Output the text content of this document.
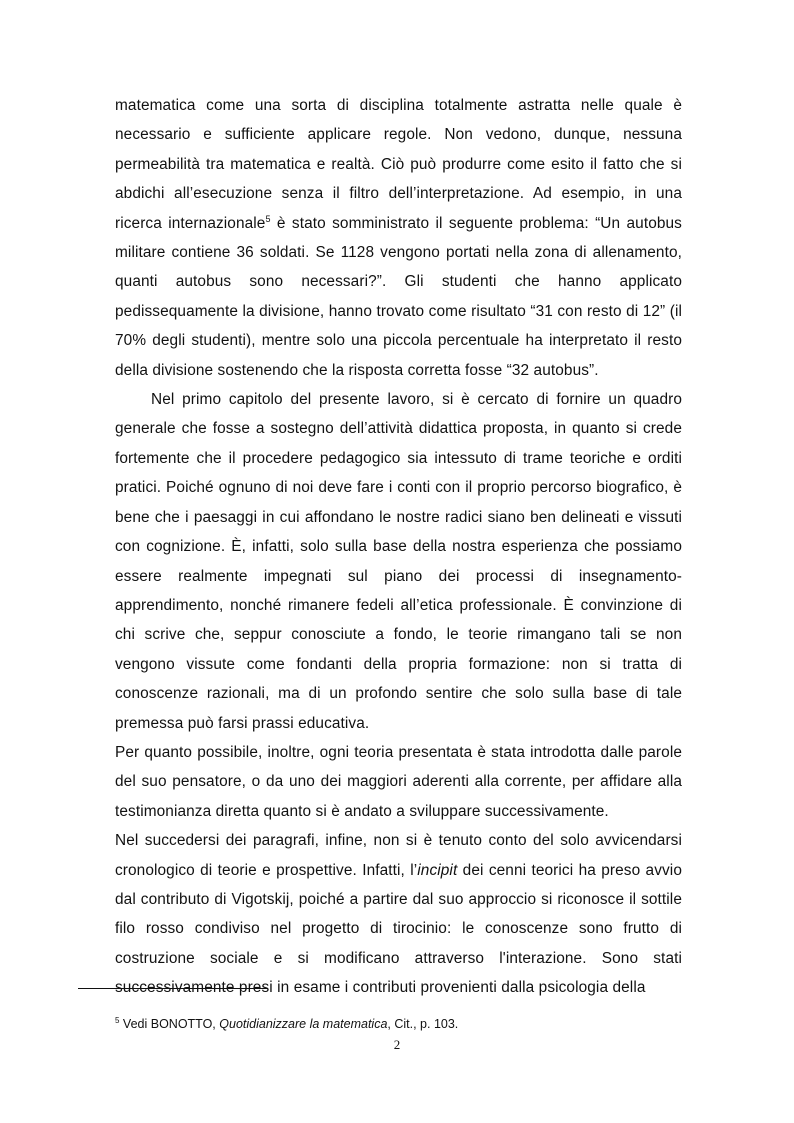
matematica come una sorta di disciplina totalmente astratta nelle quale è necessario e sufficiente applicare regole. Non vedono, dunque, nessuna permeabilità tra matematica e realtà. Ciò può produrre come esito il fatto che si abdichi all’esecuzione senza il filtro dell’interpretazione. Ad esempio, in una ricerca internazionale$^5$ è stato somministrato il seguente problema: “Un autobus militare contiene 36 soldati. Se 1128 vengono portati nella zona di allenamento, quanti autobus sono necessari?”. Gli studenti che hanno applicato pedissequamente la divisione, hanno trovato come risultato “31 con resto di 12” (il 70% degli studenti), mentre solo una piccola percentuale ha interpretato il resto della divisione sostenendo che la risposta corretta fosse “32 autobus”.

Nel primo capitolo del presente lavoro, si è cercato di fornire un quadro generale che fosse a sostegno dell’attività didattica proposta, in quanto si crede fortemente che il procedere pedagogico sia intessuto di trame teoriche e orditi pratici. Poiché ognuno di noi deve fare i conti con il proprio percorso biografico, è bene che i paesaggi in cui affondano le nostre radici siano ben delineati e vissuti con cognizione. È, infatti, solo sulla base della nostra esperienza che possiamo essere realmente impegnati sul piano dei processi di insegnamento-apprendimento, nonché rimanere fedeli all’etica professionale. È convinzione di chi scrive che, seppur conosciute a fondo, le teorie rimangano tali se non vengono vissute come fondanti della propria formazione: non si tratta di conoscenze razionali, ma di un profondo sentire che solo sulla base di tale premessa può farsi prassi educativa.

Per quanto possibile, inoltre, ogni teoria presentata è stata introdotta dalle parole del suo pensatore, o da uno dei maggiori aderenti alla corrente, per affidare alla testimonianza diretta quanto si è andato a sviluppare successivamente.

Nel succedersi dei paragrafi, infine, non si è tenuto conto del solo avvicendarsi cronologico di teorie e prospettive. Infatti, l’incipit dei cenni teorici ha preso avvio dal contributo di Vigotskij, poiché a partire dal suo approccio si riconosce il sottile filo rosso condiviso nel progetto di tirocinio: le conoscenze sono frutto di costruzione sociale e si modificano attraverso l'interazione. Sono stati successivamente presi in esame i contributi provenienti dalla psicologia della

$^5$ Vedi BONOTTO, Quotidianizzare la matematica, Cit., p. 103.
2
